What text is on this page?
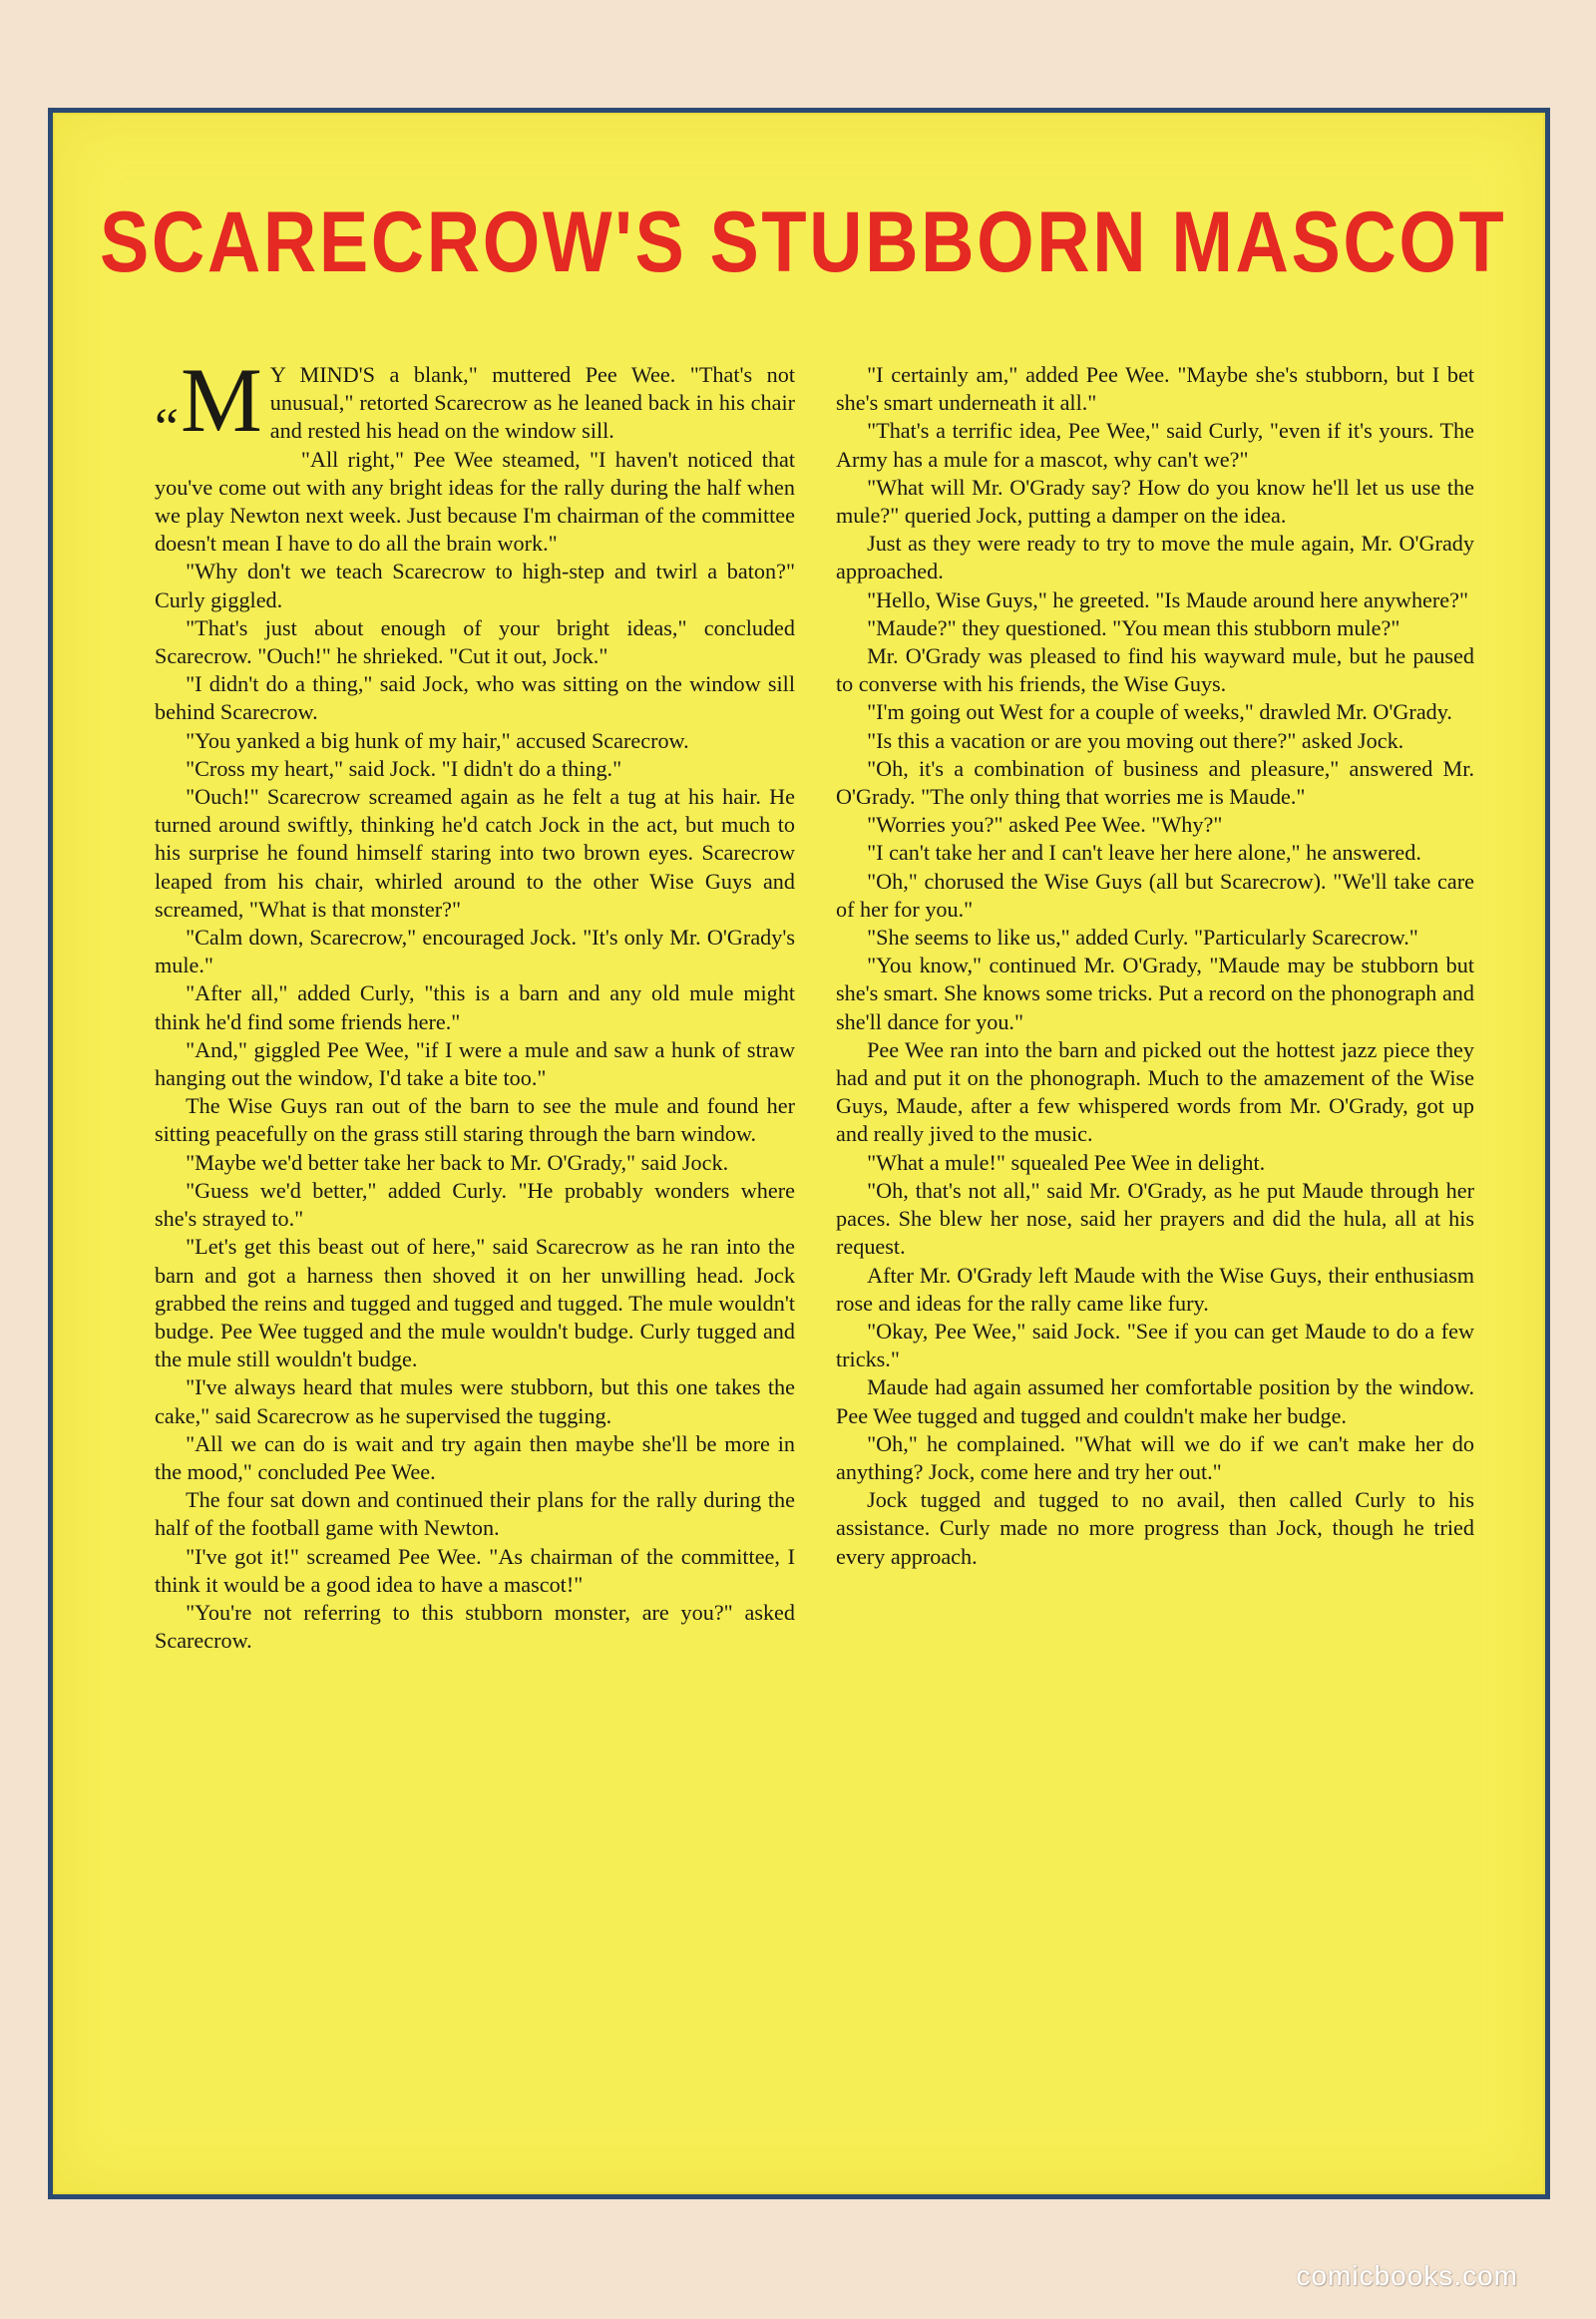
SCARECROW'S STUBBORN MASCOT

“M Y MIND'S a blank," muttered Pee Wee. "That's not unusual," retorted Scarecrow as he leaned back in his chair and rested his head on the window sill.

"All right," Pee Wee steamed, "I haven't noticed that you've come out with any bright ideas for the rally during the half when we play Newton next week. Just because I'm chairman of the committee doesn't mean I have to do all the brain work."

"Why don't we teach Scarecrow to high-step and twirl a baton?" Curly giggled.

"That's just about enough of your bright ideas," concluded Scarecrow. "Ouch!" he shrieked. "Cut it out, Jock."

"I didn't do a thing," said Jock, who was sitting on the window sill behind Scarecrow.

"You yanked a big hunk of my hair," accused Scarecrow.

"Cross my heart," said Jock. "I didn't do a thing."

"Ouch!" Scarecrow screamed again as he felt a tug at his hair. He turned around swiftly, thinking he'd catch Jock in the act, but much to his surprise he found himself staring into two brown eyes. Scarecrow leaped from his chair, whirled around to the other Wise Guys and screamed, "What is that monster?"

"Calm down, Scarecrow," encouraged Jock. "It's only Mr. O'Grady's mule."

"After all," added Curly, "this is a barn and any old mule might think he'd find some friends here."

"And," giggled Pee Wee, "if I were a mule and saw a hunk of straw hanging out the window, I'd take a bite too."

The Wise Guys ran out of the barn to see the mule and found her sitting peacefully on the grass still staring through the barn window.

"Maybe we'd better take her back to Mr. O'Grady," said Jock.

"Guess we'd better," added Curly. "He probably wonders where she's strayed to."

"Let's get this beast out of here," said Scarecrow as he ran into the barn and got a harness then shoved it on her unwilling head. Jock grabbed the reins and tugged and tugged and tugged. The mule wouldn't budge. Pee Wee tugged and the mule wouldn't budge. Curly tugged and the mule still wouldn't budge.

"I've always heard that mules were stubborn, but this one takes the cake," said Scarecrow as he supervised the tugging.

"All we can do is wait and try again then maybe she'll be more in the mood," concluded Pee Wee.

The four sat down and continued their plans for the rally during the half of the football game with Newton.

"I've got it!" screamed Pee Wee. "As chairman of the committee, I think it would be a good idea to have a mascot!"

"You're not referring to this stubborn monster, are you?" asked Scarecrow.

"I certainly am," added Pee Wee. "Maybe she's stubborn, but I bet she's smart underneath it all."

"That's a terrific idea, Pee Wee," said Curly, "even if it's yours. The Army has a mule for a mascot, why can't we?"

"What will Mr. O'Grady say? How do you know he'll let us use the mule?" queried Jock, putting a damper on the idea.

Just as they were ready to try to move the mule again, Mr. O'Grady approached.

"Hello, Wise Guys," he greeted. "Is Maude around here anywhere?"

"Maude?" they questioned. "You mean this stubborn mule?"

Mr. O'Grady was pleased to find his wayward mule, but he paused to converse with his friends, the Wise Guys.

"I'm going out West for a couple of weeks," drawled Mr. O'Grady.

"Is this a vacation or are you moving out there?" asked Jock.

"Oh, it's a combination of business and pleasure," answered Mr. O'Grady. "The only thing that worries me is Maude."

"Worries you?" asked Pee Wee. "Why?"

"I can't take her and I can't leave her here alone," he answered.

"Oh," chorused the Wise Guys (all but Scarecrow). "We'll take care of her for you."

"She seems to like us," added Curly. "Particularly Scarecrow."

"You know," continued Mr. O'Grady, "Maude may be stubborn but she's smart. She knows some tricks. Put a record on the phonograph and she'll dance for you."

Pee Wee ran into the barn and picked out the hottest jazz piece they had and put it on the phonograph. Much to the amazement of the Wise Guys, Maude, after a few whispered words from Mr. O'Grady, got up and really jived to the music.

"What a mule!" squealed Pee Wee in delight.

"Oh, that's not all," said Mr. O'Grady, as he put Maude through her paces. She blew her nose, said her prayers and did the hula, all at his request.

After Mr. O'Grady left Maude with the Wise Guys, their enthusiasm rose and ideas for the rally came like fury.

"Okay, Pee Wee," said Jock. "See if you can get Maude to do a few tricks."

Maude had again assumed her comfortable position by the window. Pee Wee tugged and tugged and couldn't make her budge.

"Oh," he complained. "What will we do if we can't make her do anything? Jock, come here and try her out."

Jock tugged and tugged to no avail, then called Curly to his assistance. Curly made no more progress than Jock, though he tried every approach.

comicbooks.com
